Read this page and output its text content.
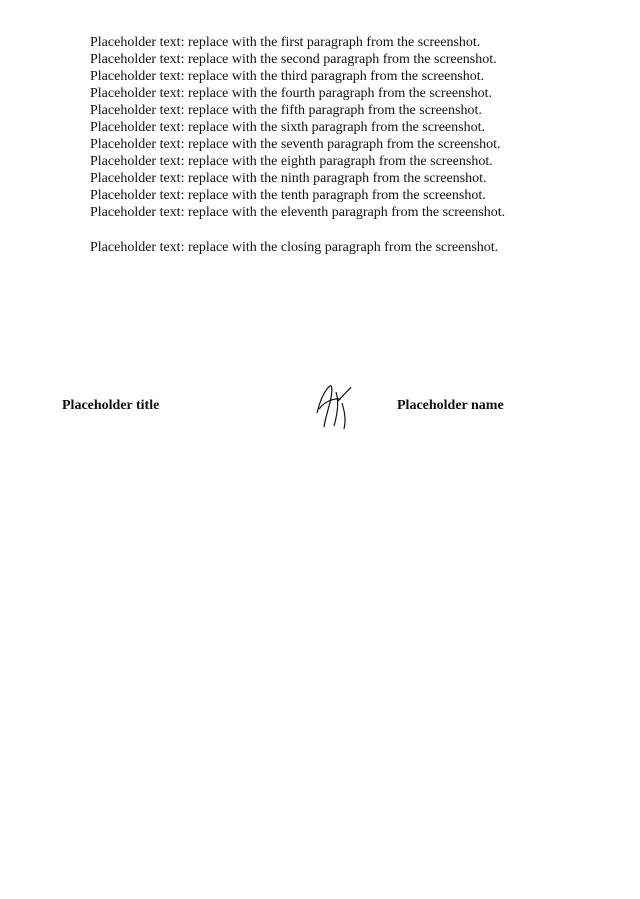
Placeholder text: replace with the first paragraph from the screenshot.

Placeholder text: replace with the second paragraph from the screenshot.

Placeholder text: replace with the third paragraph from the screenshot.

Placeholder text: replace with the fourth paragraph from the screenshot.

Placeholder text: replace with the fifth paragraph from the screenshot.

Placeholder text: replace with the sixth paragraph from the screenshot.

Placeholder text: replace with the seventh paragraph from the screenshot.

Placeholder text: replace with the eighth paragraph from the screenshot.

Placeholder text: replace with the ninth paragraph from the screenshot.

Placeholder text: replace with the tenth paragraph from the screenshot.

Placeholder text: replace with the eleventh paragraph from the screenshot.

Placeholder text: replace with the closing paragraph from the screenshot.

Placeholder title	Placeholder name
